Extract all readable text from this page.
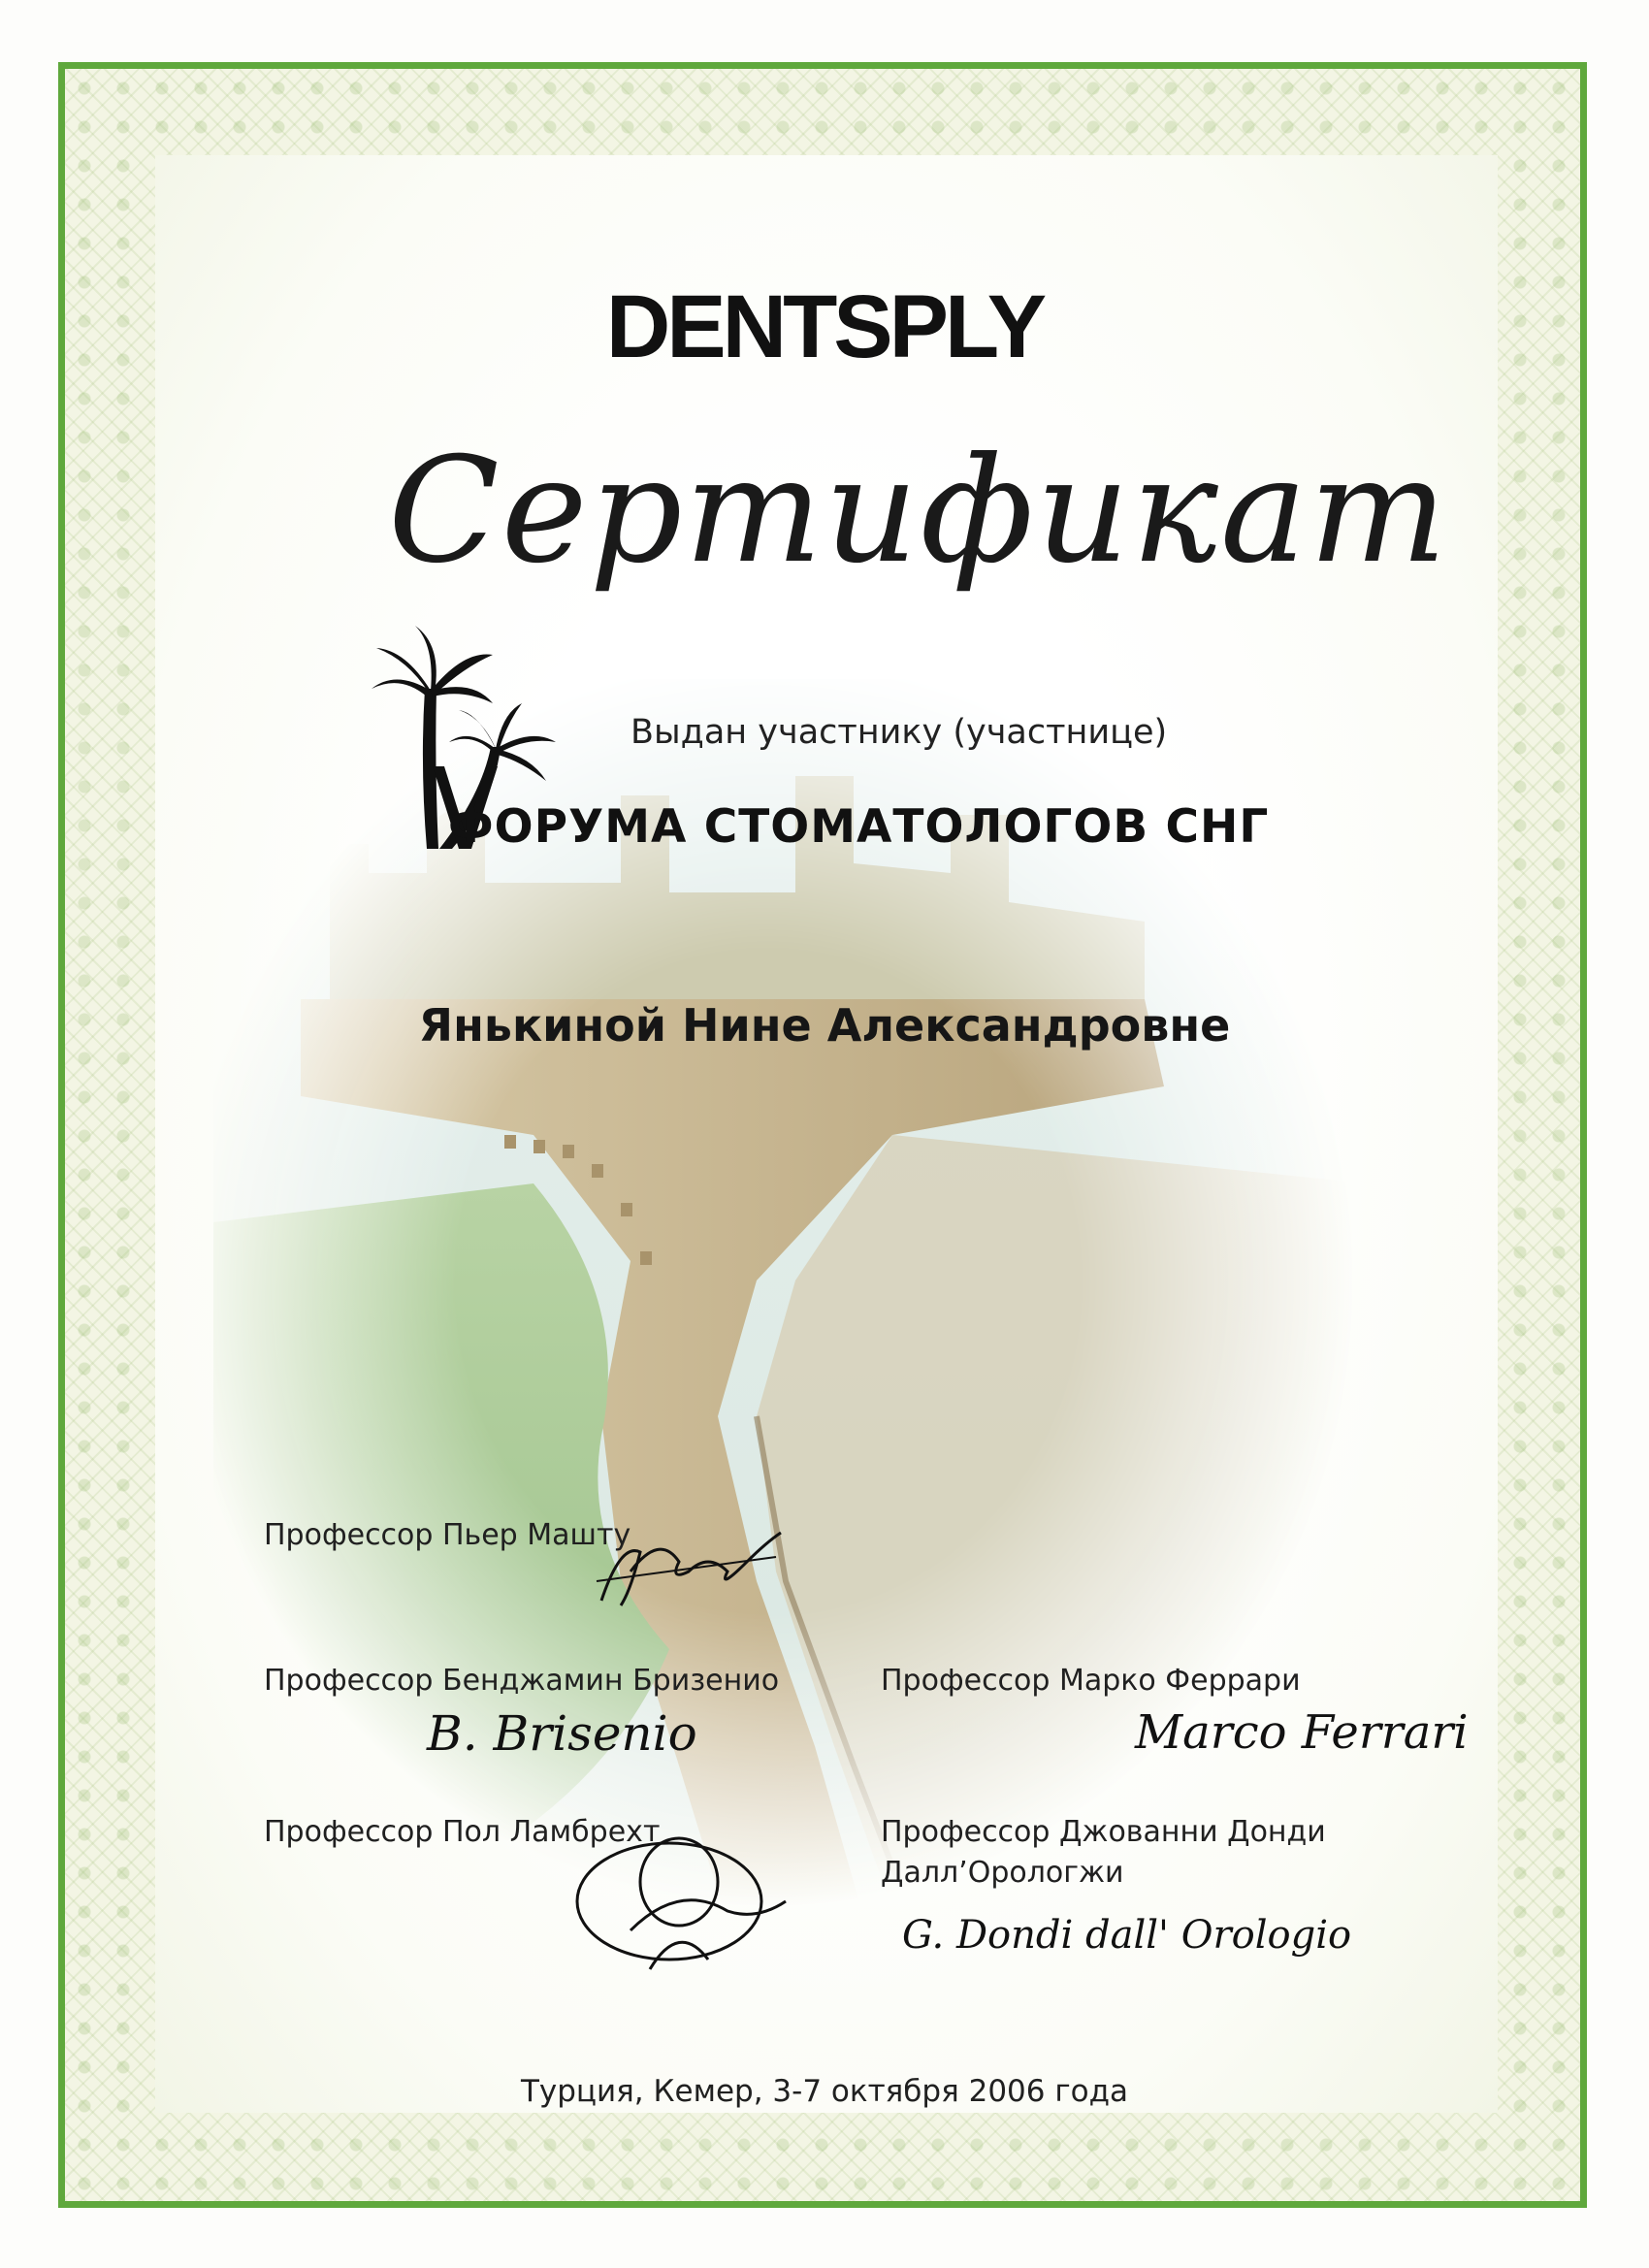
DENTSPLY
Сертификат
Выдан участнику (участнице)
ФОРУМА СТОМАТОЛОГОВ СНГ
Янькиной Нине Александровне
Профессор Пьер Машту
Профессор Бенджамин Бризенио
B. Brisenio
Профессор Марко Феррари
Marco Ferrari
Профессор Пол Ламбрехт	Профессор Джованни Донди
Далл’Орологжи
G. Dondi dall' Orologio
Турция, Кемер, 3-7 октября 2006 года
